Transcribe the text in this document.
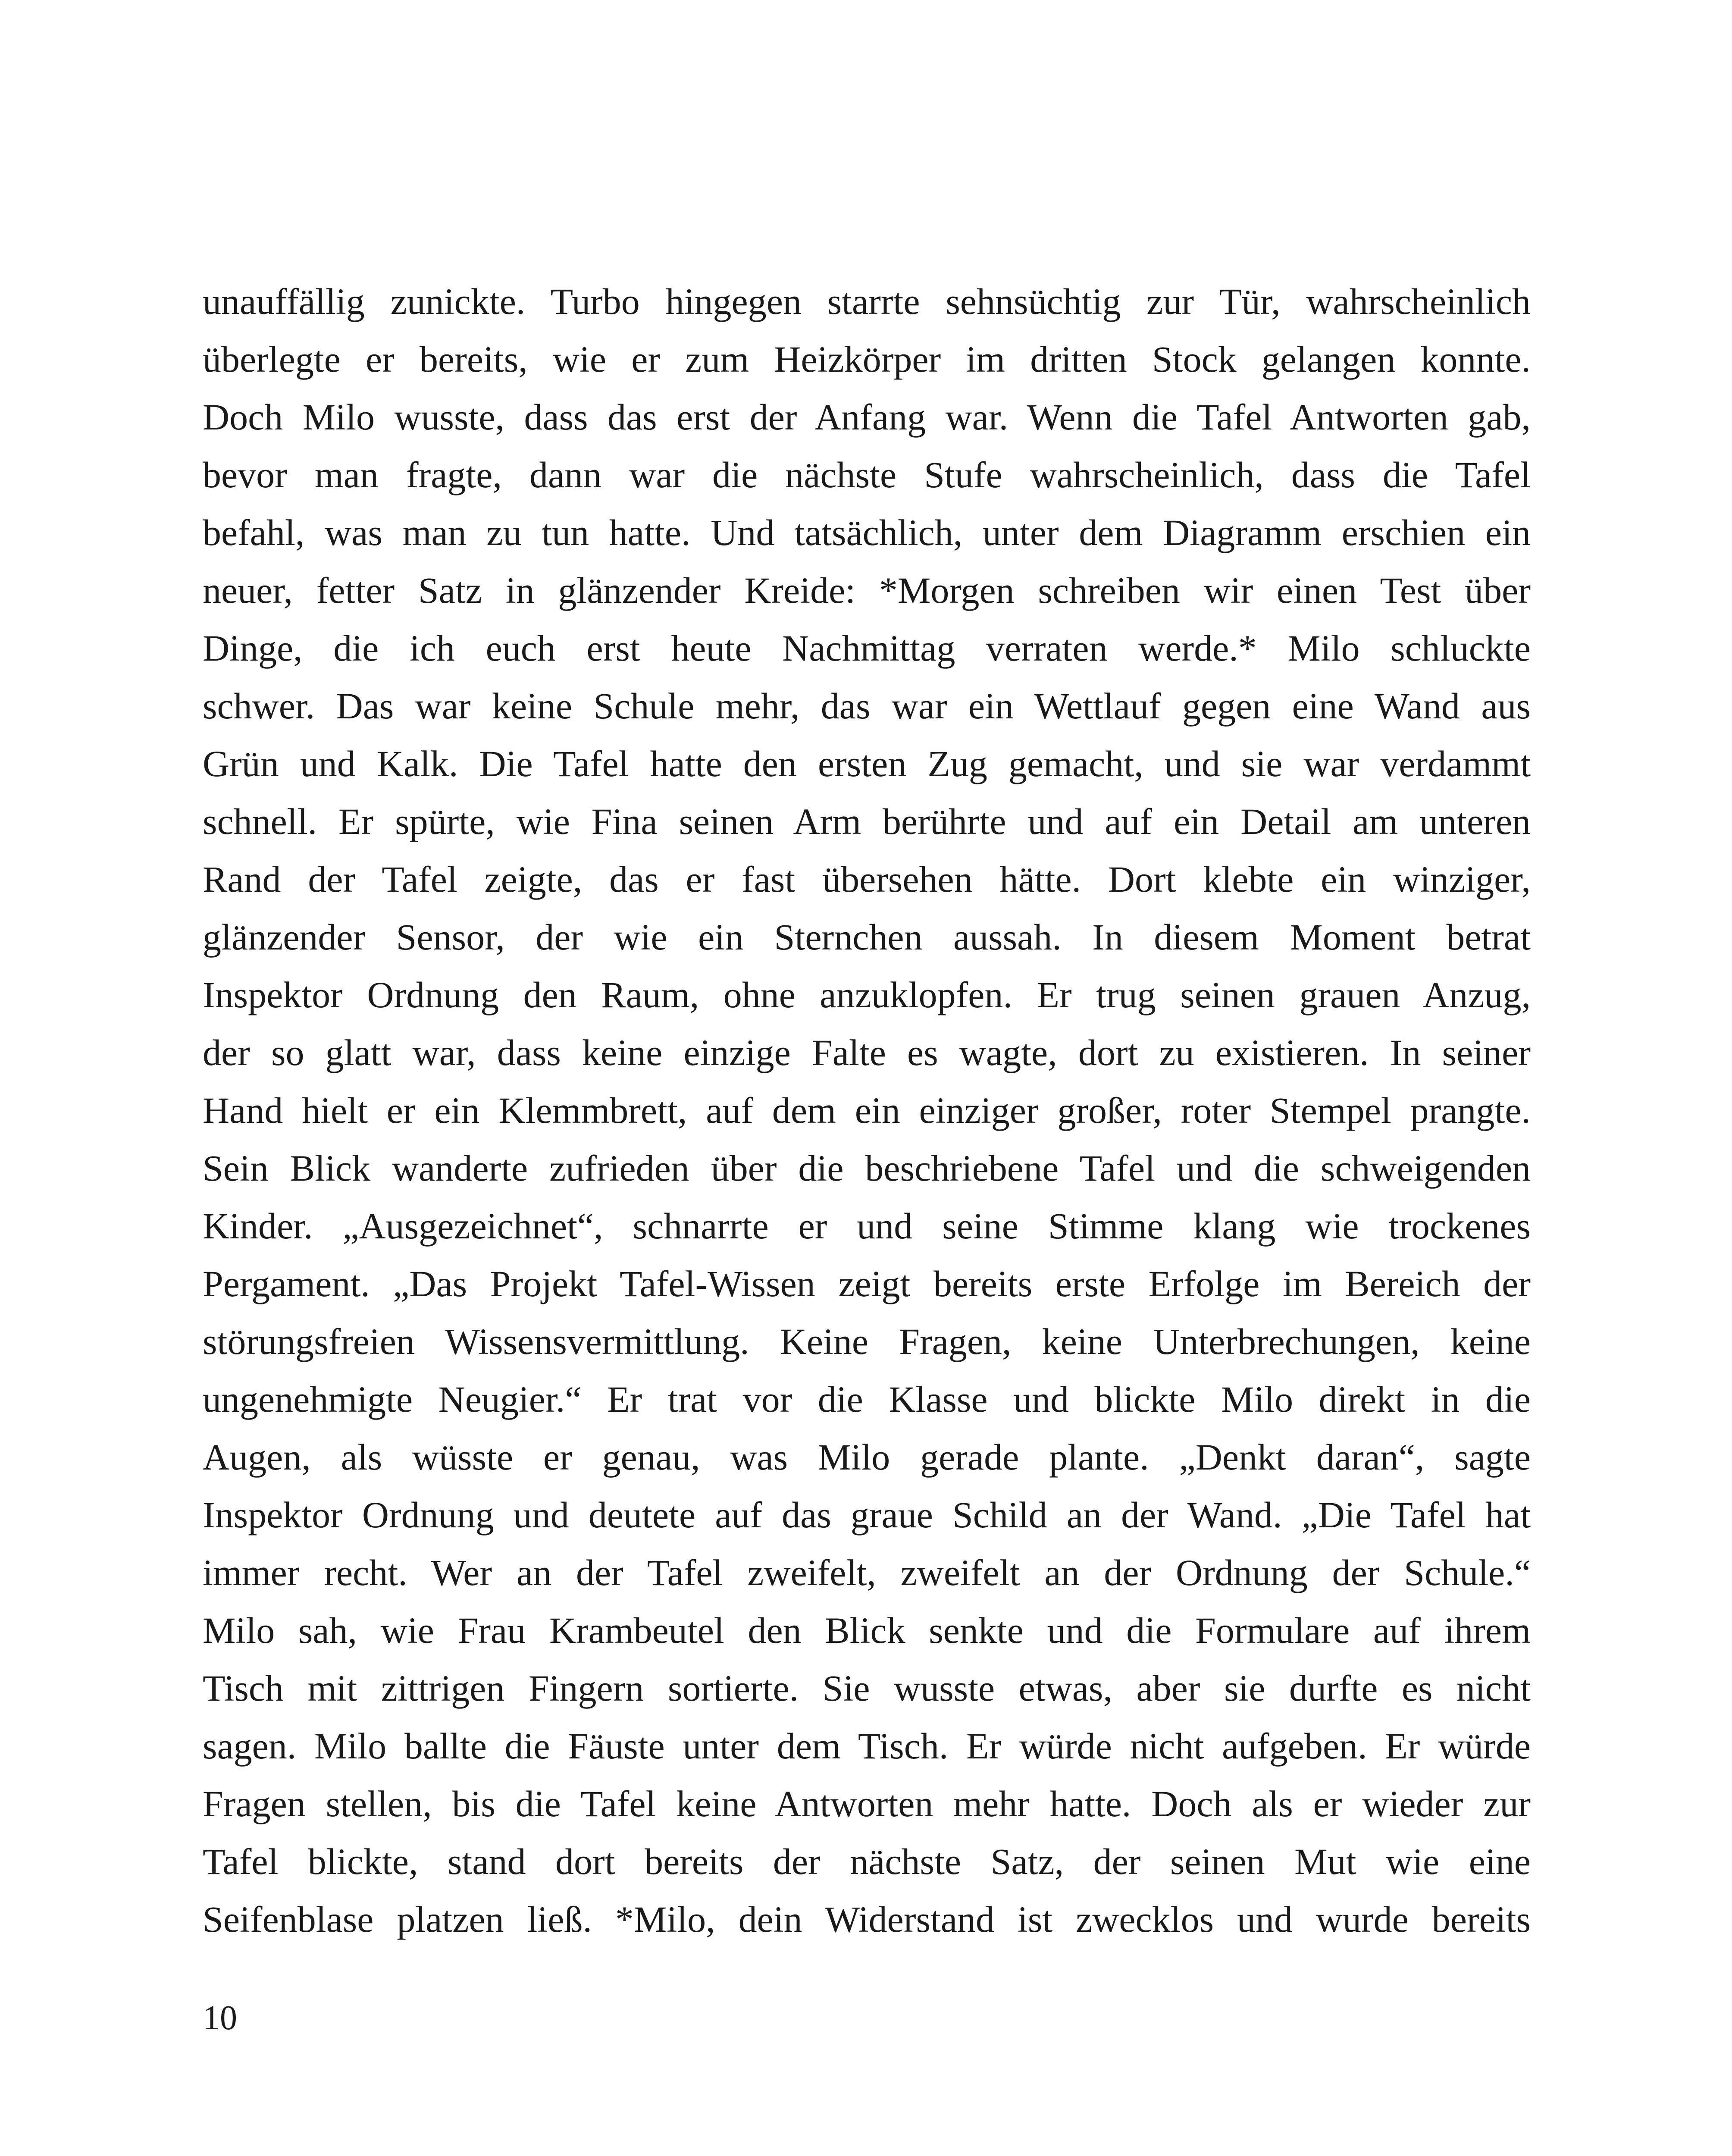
unauffällig zunickte. Turbo hingegen starrte sehnsüchtig zur Tür, wahrscheinlich
überlegte er bereits, wie er zum Heizkörper im dritten Stock gelangen konnte.
Doch Milo wusste, dass das erst der Anfang war. Wenn die Tafel Antworten gab,
bevor man fragte, dann war die nächste Stufe wahrscheinlich, dass die Tafel
befahl, was man zu tun hatte. Und tatsächlich, unter dem Diagramm erschien ein
neuer, fetter Satz in glänzender Kreide: *Morgen schreiben wir einen Test über
Dinge, die ich euch erst heute Nachmittag verraten werde.* Milo schluckte
schwer. Das war keine Schule mehr, das war ein Wettlauf gegen eine Wand aus
Grün und Kalk. Die Tafel hatte den ersten Zug gemacht, und sie war verdammt
schnell. Er spürte, wie Fina seinen Arm berührte und auf ein Detail am unteren
Rand der Tafel zeigte, das er fast übersehen hätte. Dort klebte ein winziger,
glänzender Sensor, der wie ein Sternchen aussah. In diesem Moment betrat
Inspektor Ordnung den Raum, ohne anzuklopfen. Er trug seinen grauen Anzug,
der so glatt war, dass keine einzige Falte es wagte, dort zu existieren. In seiner
Hand hielt er ein Klemmbrett, auf dem ein einziger großer, roter Stempel prangte.
Sein Blick wanderte zufrieden über die beschriebene Tafel und die schweigenden
Kinder. „Ausgezeichnet“, schnarrte er und seine Stimme klang wie trockenes
Pergament. „Das Projekt Tafel-Wissen zeigt bereits erste Erfolge im Bereich der
störungsfreien Wissensvermittlung. Keine Fragen, keine Unterbrechungen, keine
ungenehmigte Neugier.“ Er trat vor die Klasse und blickte Milo direkt in die
Augen, als wüsste er genau, was Milo gerade plante. „Denkt daran“, sagte
Inspektor Ordnung und deutete auf das graue Schild an der Wand. „Die Tafel hat
immer recht. Wer an der Tafel zweifelt, zweifelt an der Ordnung der Schule.“
Milo sah, wie Frau Krambeutel den Blick senkte und die Formulare auf ihrem
Tisch mit zittrigen Fingern sortierte. Sie wusste etwas, aber sie durfte es nicht
sagen. Milo ballte die Fäuste unter dem Tisch. Er würde nicht aufgeben. Er würde
Fragen stellen, bis die Tafel keine Antworten mehr hatte. Doch als er wieder zur
Tafel blickte, stand dort bereits der nächste Satz, der seinen Mut wie eine
Seifenblase platzen ließ. *Milo, dein Widerstand ist zwecklos und wurde bereits
10
